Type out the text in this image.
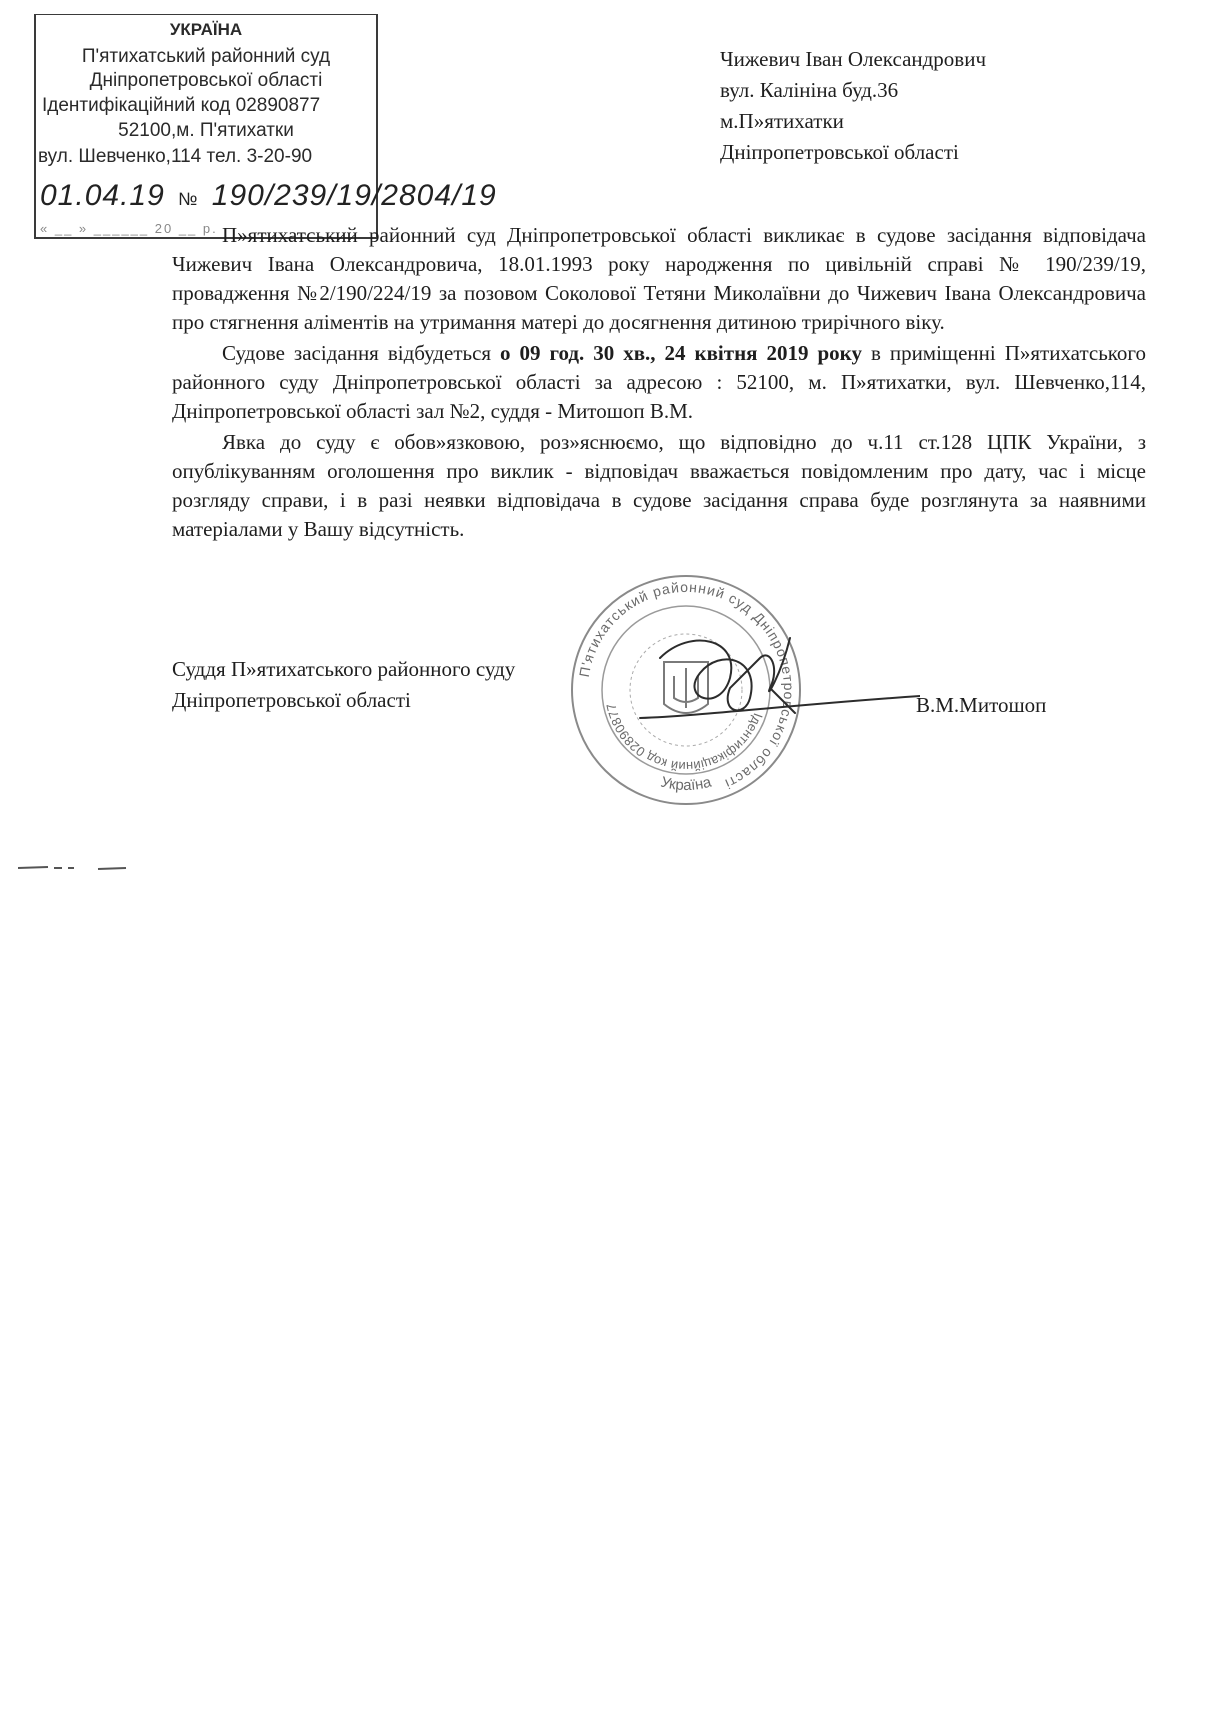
УКРАЇНА
П'ятихатський районний суд
Дніпропетровської області
Ідентифікаційний код 02890877
52100,м. П'ятихатки
вул. Шевченко,114 тел. 3-20-90
01.04.19 № 190/239/19/2804/19
« __ » ______ 20 __ р.
Чижевич Іван Олександрович
вул. Калініна буд.36
м.П»ятихатки
Дніпропетровської області

П»ятихатський районний суд Дніпропетровської області викликає в судове засідання відповідача Чижевич Івана Олександровича, 18.01.1993 року народження по цивільній справі № 190/239/19, провадження №2/190/224/19 за позовом Соколової Тетяни Миколаївни до Чижевич Івана Олександровича про стягнення аліментів на утримання матері до досягнення дитиною трирічного віку.

Судове засідання відбудеться о 09 год. 30 хв., 24 квітня 2019 року в приміщенні П»ятихатського районного суду Дніпропетровської області за адресою : 52100, м. П»ятихатки, вул. Шевченко,114, Дніпропетровської області зал №2, суддя - Митошоп В.М.

Явка до суду є обов»язковою, роз»яснюємо, що відповідно до ч.11 ст.128 ЦПК України, з опублікуванням оголошення про виклик - відповідач вважається повідомленим про дату, час і місце розгляду справи, і в разі неявки відповідача в судове засідання справа буде розглянута за наявними матеріалами у Вашу відсутність.

П'ятихатський районний суд Дніпропетровської області
Ідентифікаційний код 02890877
Україна
Суддя П»ятихатського районного суду
Дніпропетровської області	В.М.Митошоп
